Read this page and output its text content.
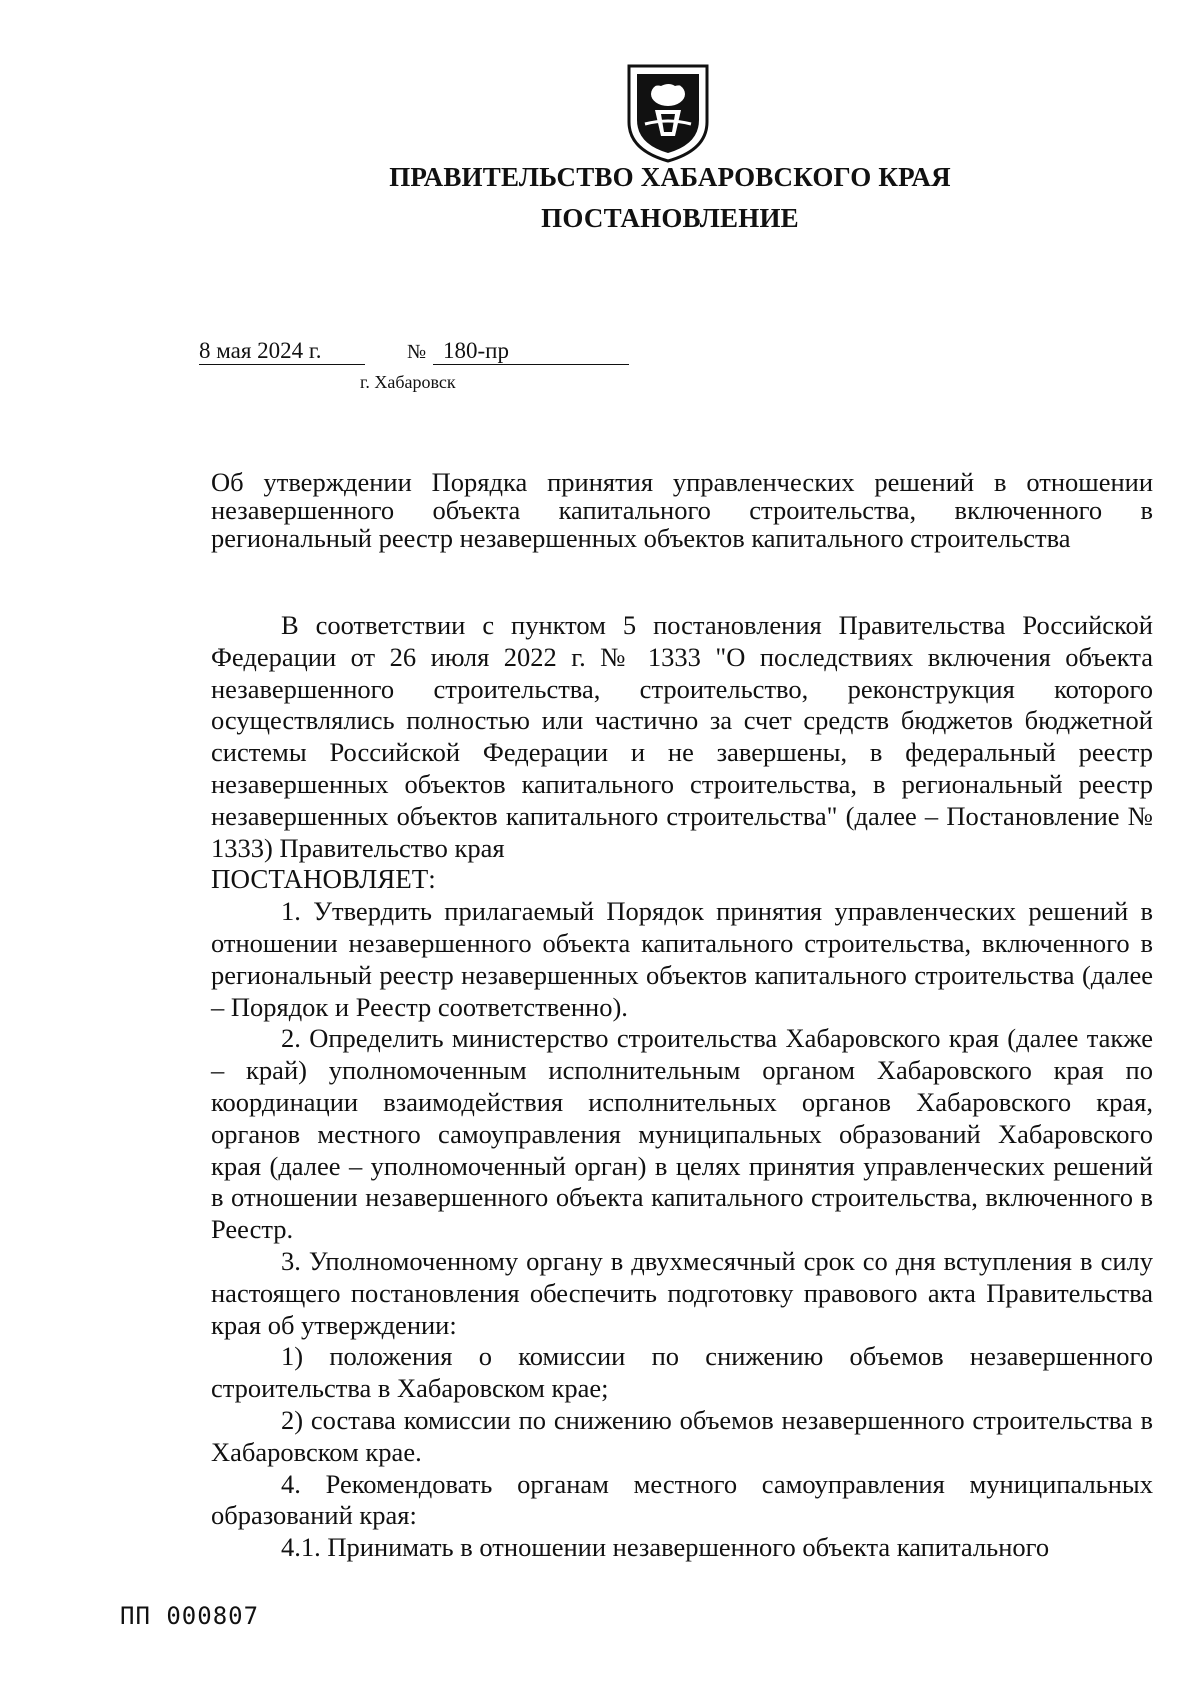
ПРАВИТЕЛЬСТВО ХАБАРОВСКОГО КРАЯ
ПОСТАНОВЛЕНИЕ
8 мая 2024 г.	№ 180-пр
г. Хабаровск
Об утверждении Порядка принятия управленческих решений в отношении незавершенного объекта капитального строительства, включенного в региональный реестр незавершенных объектов капитального строительства

В соответствии с пунктом 5 постановления Правительства Российской Федерации от 26 июля 2022 г. № 1333 "О последствиях включения объекта незавершенного строительства, строительство, реконструкция которого осуществлялись полностью или частично за счет средств бюджетов бюджетной системы Российской Федерации и не завершены, в федеральный реестр незавершенных объектов капитального строительства, в региональный реестр незавершенных объектов капитального строительства" (далее – Постановление № 1333) Правительство края

ПОСТАНОВЛЯЕТ:

1. Утвердить прилагаемый Порядок принятия управленческих решений в отношении незавершенного объекта капитального строительства, включенного в региональный реестр незавершенных объектов капитального строительства (далее – Порядок и Реестр соответственно).

2. Определить министерство строительства Хабаровского края (далее также – край) уполномоченным исполнительным органом Хабаровского края по координации взаимодействия исполнительных органов Хабаровского края, органов местного самоуправления муниципальных образований Хабаровского края (далее – уполномоченный орган) в целях принятия управленческих решений в отношении незавершенного объекта капитального строительства, включенного в Реестр.

3. Уполномоченному органу в двухмесячный срок со дня вступления в силу настоящего постановления обеспечить подготовку правового акта Правительства края об утверждении:

1) положения о комиссии по снижению объемов незавершенного строительства в Хабаровском крае;

2) состава комиссии по снижению объемов незавершенного строительства в Хабаровском крае.

4. Рекомендовать органам местного самоуправления муниципальных образований края:

4.1. Принимать в отношении незавершенного объекта капитального

ПП 000807
